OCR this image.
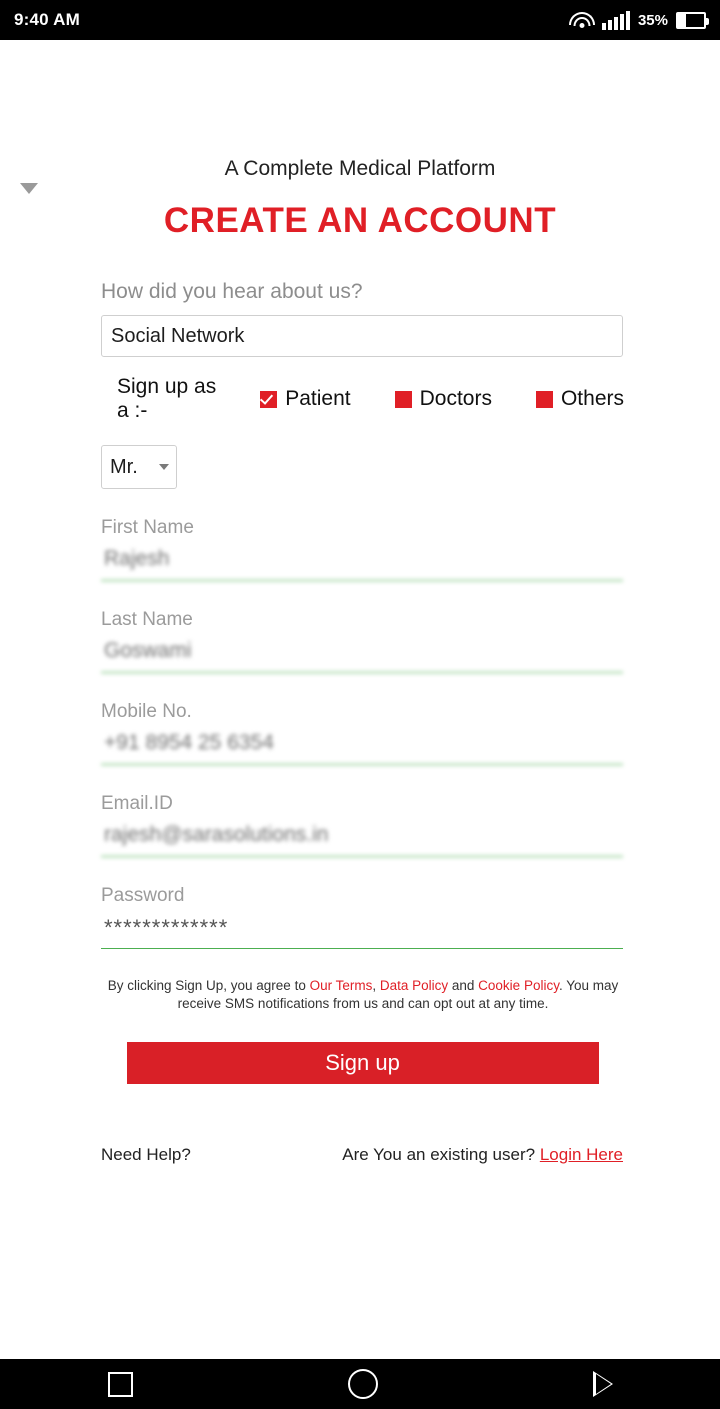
9:40 AM	35%
A Complete Medical Platform
CREATE AN ACCOUNT
How did you hear about us?
Social Network
Sign up as a :-
Patient	Doctors	Others
Mr.
First Name
Rajesh
Last Name
Goswami
Mobile No.
+91 8954 25 6354
Email.ID
rajesh@sarasolutions.in
Password
*************
By clicking Sign Up, you agree to Our Terms, Data Policy and Cookie Policy. You may receive SMS notifications from us and can opt out at any time.
Sign up
Need Help?	Are You an existing user? Login Here
